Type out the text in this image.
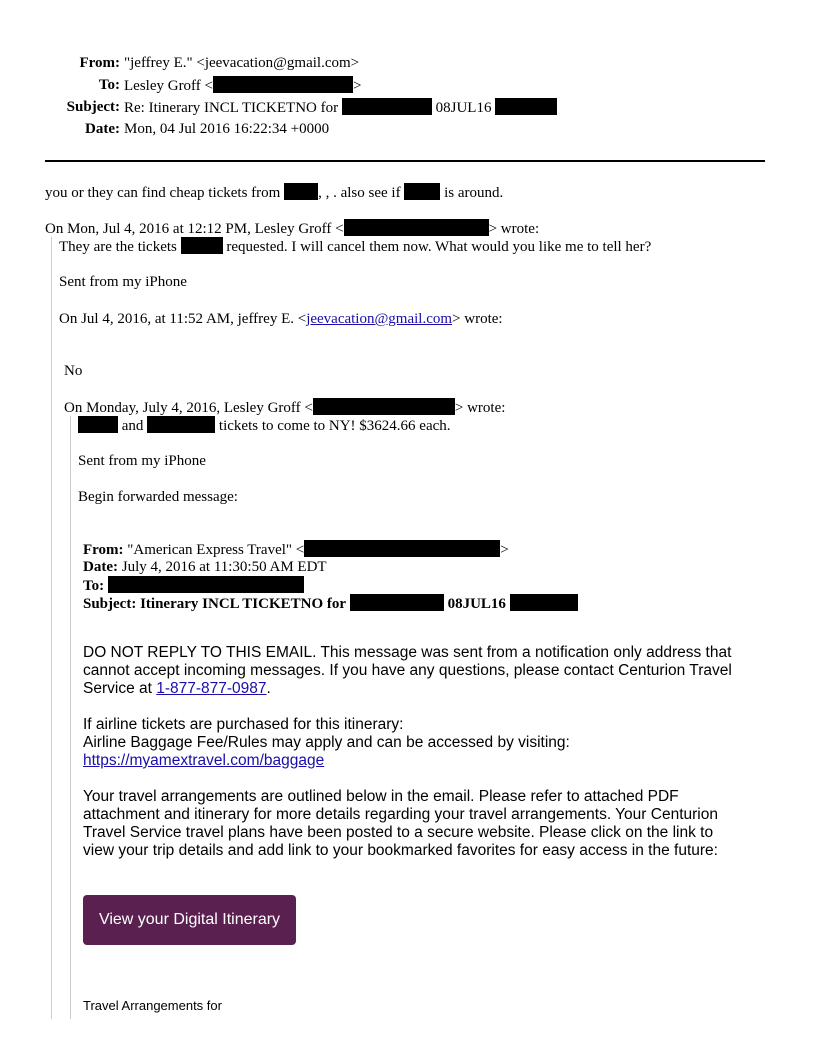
From: "jeffrey E." <jeevacation@gmail.com>
To: Lesley Groff <	>
Subject: Re: Itinerary INCL TICKETNO for	08JUL16
Date: Mon, 04 Jul 2016 16:22:34 +0000
you or they can find cheap tickets from	, , . also see if	is around.
On Mon, Jul 4, 2016 at 12:12 PM, Lesley Groff <	> wrote:
They are the tickets	requested. I will cancel them now. What would you like me to tell her?
Sent from my iPhone
On Jul 4, 2016, at 11:52 AM, jeffrey E. <jeevacation@gmail.com> wrote:
No
On Monday, July 4, 2016, Lesley Groff <	> wrote:
and	tickets to come to NY! $3624.66 each.
Sent from my iPhone
Begin forwarded message:
From: "American Express Travel" <	>
Date: July 4, 2016 at 11:30:50 AM EDT
To:
Subject: Itinerary INCL TICKETNO for	08JUL16
DO NOT REPLY TO THIS EMAIL. This message was sent from a notification only address that
cannot accept incoming messages. If you have any questions, please contact Centurion Travel
Service at 1-877-877-0987.
If airline tickets are purchased for this itinerary:
Airline Baggage Fee/Rules may apply and can be accessed by visiting:
https://myamextravel.com/baggage
Your travel arrangements are outlined below in the email. Please refer to attached PDF
attachment and itinerary for more details regarding your travel arrangements. Your Centurion
Travel Service travel plans have been posted to a secure website. Please click on the link to
view your trip details and add link to your bookmarked favorites for easy access in the future:
View your Digital Itinerary
Travel Arrangements for
